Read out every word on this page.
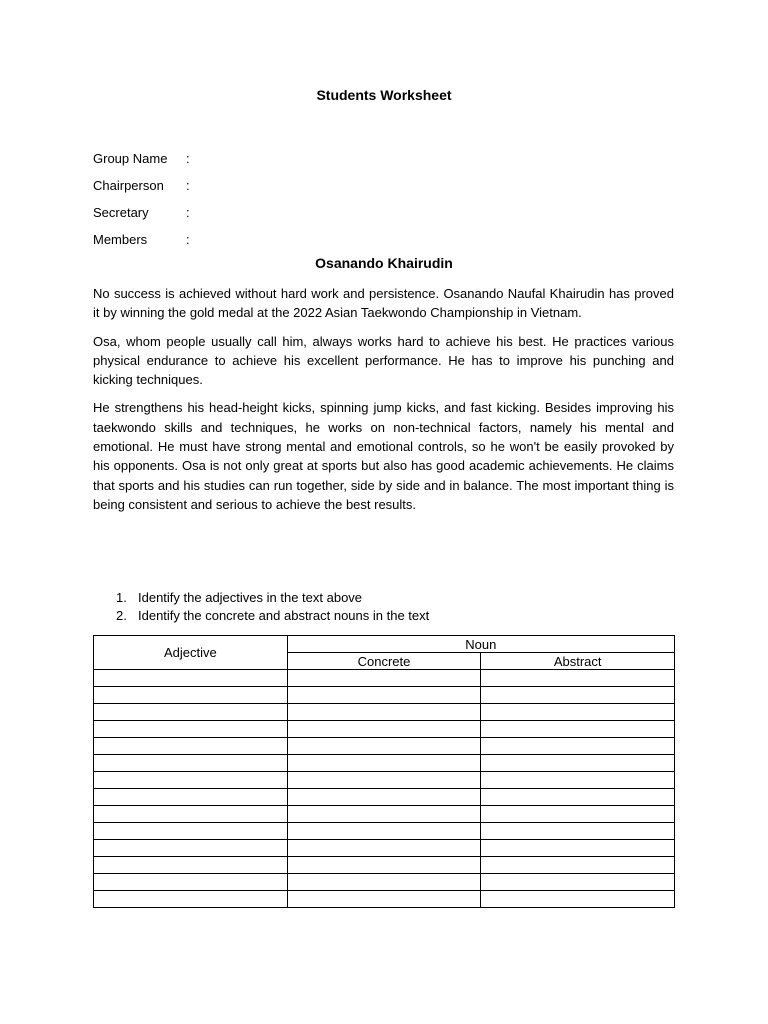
Students Worksheet
Group Name	:
Chairperson	:
Secretary	:
Members	:
Osanando Khairudin

No success is achieved without hard work and persistence. Osanando Naufal Khairudin has proved it by winning the gold medal at the 2022 Asian Taekwondo Championship in Vietnam.

Osa, whom people usually call him, always works hard to achieve his best. He practices various physical endurance to achieve his excellent performance. He has to improve his punching and kicking techniques.

He strengthens his head-height kicks, spinning jump kicks, and fast kicking. Besides improving his taekwondo skills and techniques, he works on non-technical factors, namely his mental and emotional. He must have strong mental and emotional controls, so he won't be easily provoked by his opponents. Osa is not only great at sports but also has good academic achievements. He claims that sports and his studies can run together, side by side and in balance. The most important thing is being consistent and serious to achieve the best results.

1. Identify the adjectives in the text above
2. Identify the concrete and abstract nouns in the text
Adjective	Noun	
	Concrete	Abstract
